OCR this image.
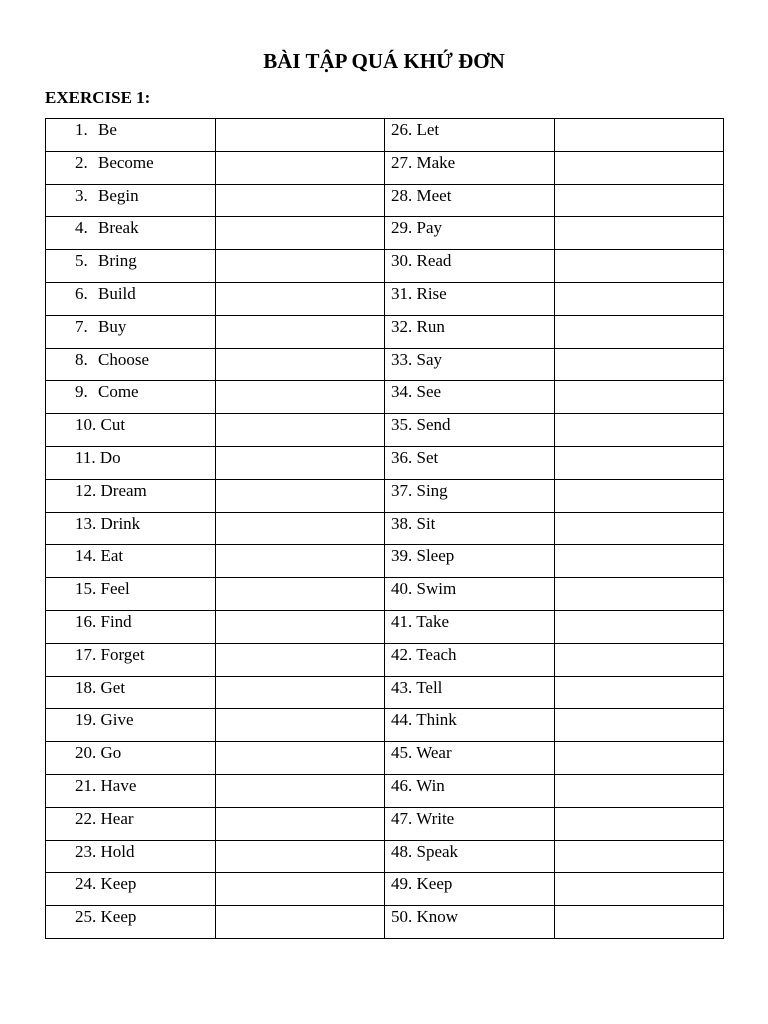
BÀI TẬP QUÁ KHỨ ĐƠN
EXERCISE 1:
1. Be		26. Let	
2. Become		27. Make	
3. Begin		28. Meet	
4. Break		29. Pay	
5. Bring		30. Read	
6. Build		31. Rise	
7. Buy		32. Run	
8. Choose		33. Say	
9. Come		34. See	
10. Cut		35. Send	
11. Do		36. Set	
12. Dream		37. Sing	
13. Drink		38. Sit	
14. Eat		39. Sleep	
15. Feel		40. Swim	
16. Find		41. Take	
17. Forget		42. Teach	
18. Get		43. Tell	
19. Give		44. Think	
20. Go		45. Wear	
21. Have		46. Win	
22. Hear		47. Write	
23. Hold		48. Speak	
24. Keep		49. Keep	
25. Keep		50. Know	
